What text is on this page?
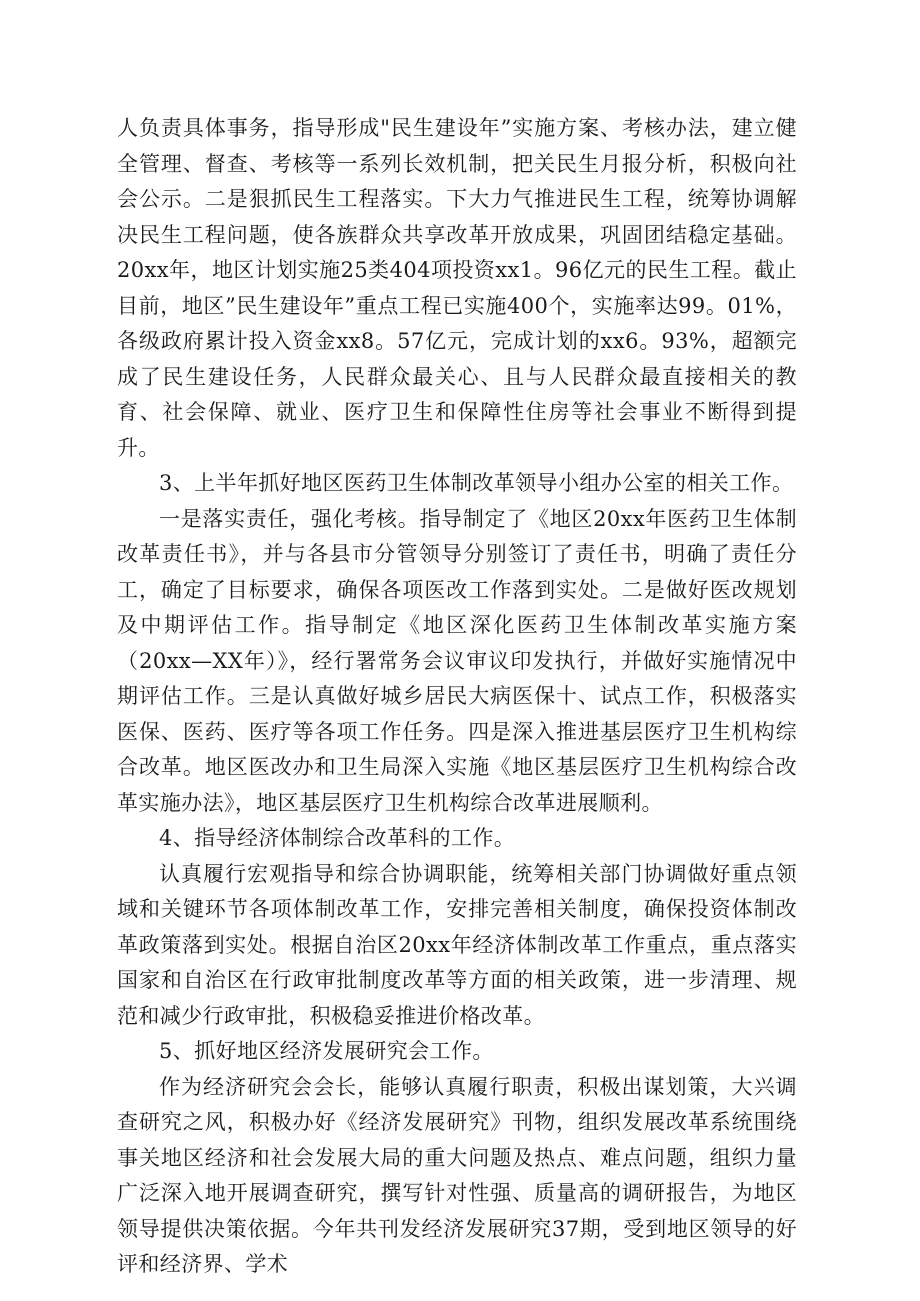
人负责具体事务，指导形成"民生建设年”实施方案、考核办法，建立健全管理、督查、考核等一系列长效机制，把关民生月报分析，积极向社会公示。二是狠抓民生工程落实。下大力气推进民生工程，统筹协调解决民生工程问题，使各族群众共享改革开放成果，巩固团结稳定基础。20xx年，地区计划实施25类404项投资xx1。96亿元的民生工程。截止目前，地区”民生建设年”重点工程已实施400个，实施率达99。01%，各级政府累计投入资金xx8。57亿元，完成计划的xx6。93%，超额完成了民生建设任务，人民群众最关心、且与人民群众最直接相关的教育、社会保障、就业、医疗卫生和保障性住房等社会事业不断得到提升。

3、上半年抓好地区医药卫生体制改革领导小组办公室的相关工作。

一是落实责任，强化考核。指导制定了《地区20xx年医药卫生体制改革责任书》，并与各县市分管领导分别签订了责任书，明确了责任分工，确定了目标要求，确保各项医改工作落到实处。二是做好医改规划及中期评估工作。指导制定《地区深化医药卫生体制改革实施方案（20xx—XX年）》，经行署常务会议审议印发执行，并做好实施情况中期评估工作。三是认真做好城乡居民大病医保十、试点工作，积极落实医保、医药、医疗等各项工作任务。四是深入推进基层医疗卫生机构综合改革。地区医改办和卫生局深入实施《地区基层医疗卫生机构综合改革实施办法》，地区基层医疗卫生机构综合改革进展顺利。

4、指导经济体制综合改革科的工作。

认真履行宏观指导和综合协调职能，统筹相关部门协调做好重点领域和关键环节各项体制改革工作，安排完善相关制度，确保投资体制改革政策落到实处。根据自治区20xx年经济体制改革工作重点，重点落实国家和自治区在行政审批制度改革等方面的相关政策，进一步清理、规范和减少行政审批，积极稳妥推进价格改革。

5、抓好地区经济发展研究会工作。

作为经济研究会会长，能够认真履行职责，积极出谋划策，大兴调查研究之风，积极办好《经济发展研究》刊物，组织发展改革系统围绕事关地区经济和社会发展大局的重大问题及热点、难点问题，组织力量广泛深入地开展调查研究，撰写针对性强、质量高的调研报告，为地区领导提供决策依据。今年共刊发经济发展研究37期，受到地区领导的好评和经济界、学术
